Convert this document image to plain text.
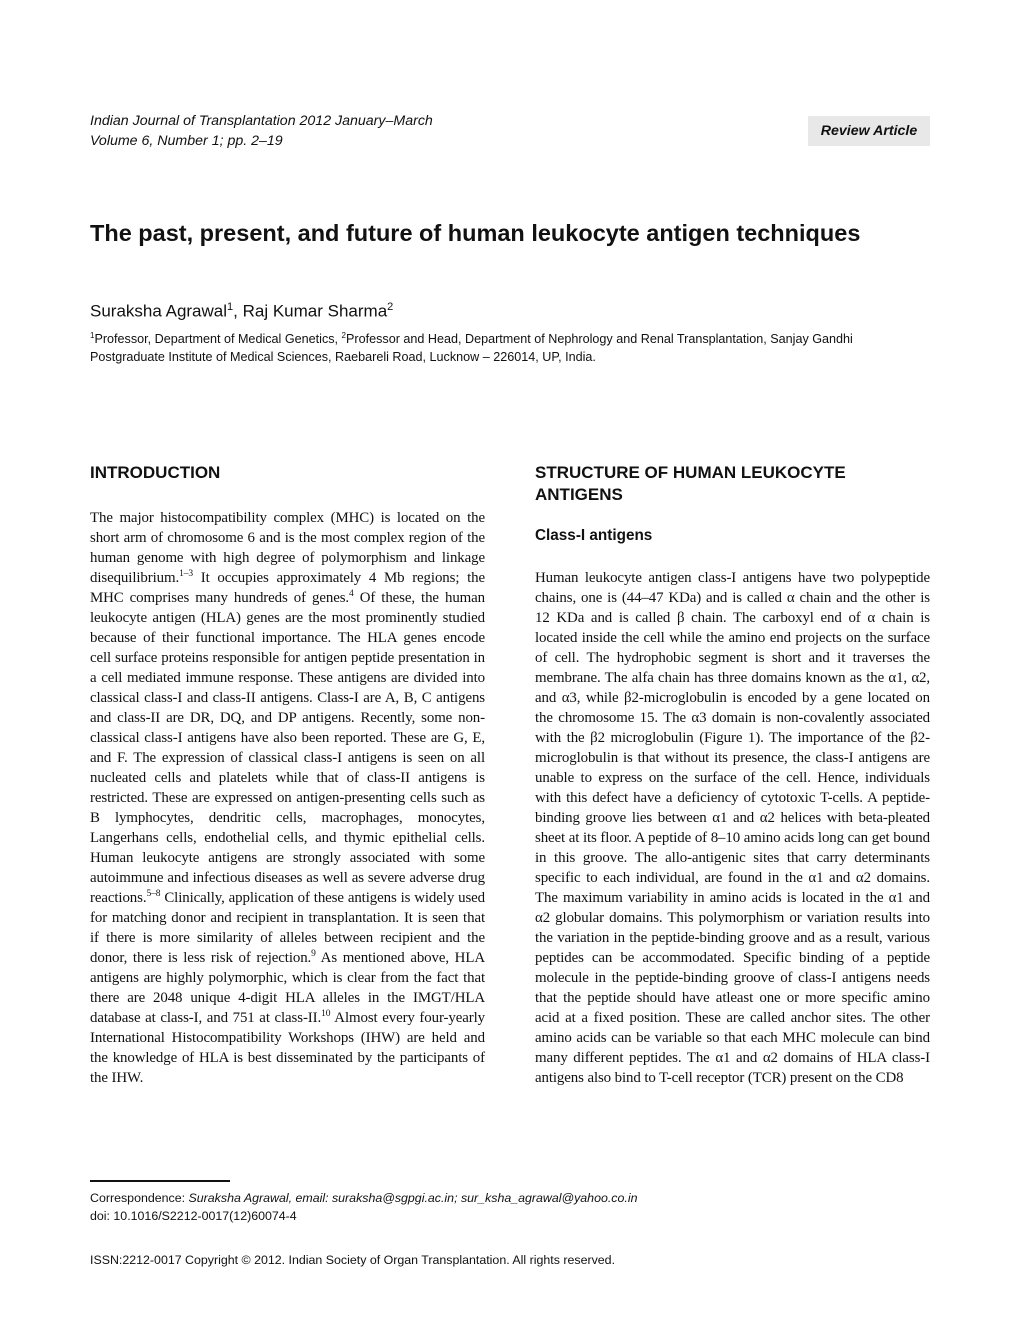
Indian Journal of Transplantation 2012 January–March
Volume 6, Number 1; pp. 2–19
Review Article
The past, present, and future of human leukocyte antigen techniques
Suraksha Agrawal$^1$, Raj Kumar Sharma$^2$
$^1$Professor, Department of Medical Genetics, $^2$Professor and Head, Department of Nephrology and Renal Transplantation, Sanjay Gandhi Postgraduate Institute of Medical Sciences, Raebareli Road, Lucknow – 226014, UP, India.
INTRODUCTION

The major histocompatibility complex (MHC) is located on the short arm of chromosome 6 and is the most complex region of the human genome with high degree of polymorphism and linkage disequilibrium.$^{1-3}$ It occupies approximately 4 Mb regions; the MHC comprises many hundreds of genes.$^4$ Of these, the human leukocyte antigen (HLA) genes are the most prominently studied because of their functional importance. The HLA genes encode cell surface proteins responsible for antigen peptide presentation in a cell mediated immune response. These antigens are divided into classical class-I and class-II antigens. Class-I are A, B, C antigens and class-II are DR, DQ, and DP antigens. Recently, some non-classical class-I antigens have also been reported. These are G, E, and F. The expression of classical class-I antigens is seen on all nucleated cells and platelets while that of class-II antigens is restricted. These are expressed on antigen-presenting cells such as B lymphocytes, dendritic cells, macrophages, monocytes, Langerhans cells, endothelial cells, and thymic epithelial cells. Human leukocyte antigens are strongly associated with some autoimmune and infectious diseases as well as severe adverse drug reactions.$^{5-8}$ Clinically, application of these antigens is widely used for matching donor and recipient in transplantation. It is seen that if there is more similarity of alleles between recipient and the donor, there is less risk of rejection.$^9$ As mentioned above, HLA antigens are highly polymorphic, which is clear from the fact that there are 2048 unique 4-digit HLA alleles in the IMGT/HLA database at class-I, and 751 at class-II.$^{10}$ Almost every four-yearly International Histocompatibility Workshops (IHW) are held and the knowledge of HLA is best disseminated by the participants of the IHW.

STRUCTURE OF HUMAN LEUKOCYTE ANTIGENS
Class-I antigens

Human leukocyte antigen class-I antigens have two polypeptide chains, one is (44–47 KDa) and is called α chain and the other is 12 KDa and is called β chain. The carboxyl end of α chain is located inside the cell while the amino end projects on the surface of cell. The hydrophobic segment is short and it traverses the membrane. The alfa chain has three domains known as the α1, α2, and α3, while β2-microglobulin is encoded by a gene located on the chromosome 15. The α3 domain is non-covalently associated with the β2 microglobulin (Figure 1). The importance of the β2-microglobulin is that without its presence, the class-I antigens are unable to express on the surface of the cell. Hence, individuals with this defect have a deficiency of cytotoxic T-cells. A peptide-binding groove lies between α1 and α2 helices with beta-pleated sheet at its floor. A peptide of 8–10 amino acids long can get bound in this groove. The allo-antigenic sites that carry determinants specific to each individual, are found in the α1 and α2 domains. The maximum variability in amino acids is located in the α1 and α2 globular domains. This polymorphism or variation results into the variation in the peptide-binding groove and as a result, various peptides can be accommodated. Specific binding of a peptide molecule in the peptide-binding groove of class-I antigens needs that the peptide should have atleast one or more specific amino acid at a fixed position. These are called anchor sites. The other amino acids can be variable so that each MHC molecule can bind many different peptides. The α1 and α2 domains of HLA class-I antigens also bind to T-cell receptor (TCR) present on the CD8

Correspondence: Suraksha Agrawal, email: suraksha@sgpgi.ac.in; sur_ksha_agrawal@yahoo.co.in
doi: 10.1016/S2212-0017(12)60074-4
ISSN:2212-0017 Copyright © 2012. Indian Society of Organ Transplantation. All rights reserved.
